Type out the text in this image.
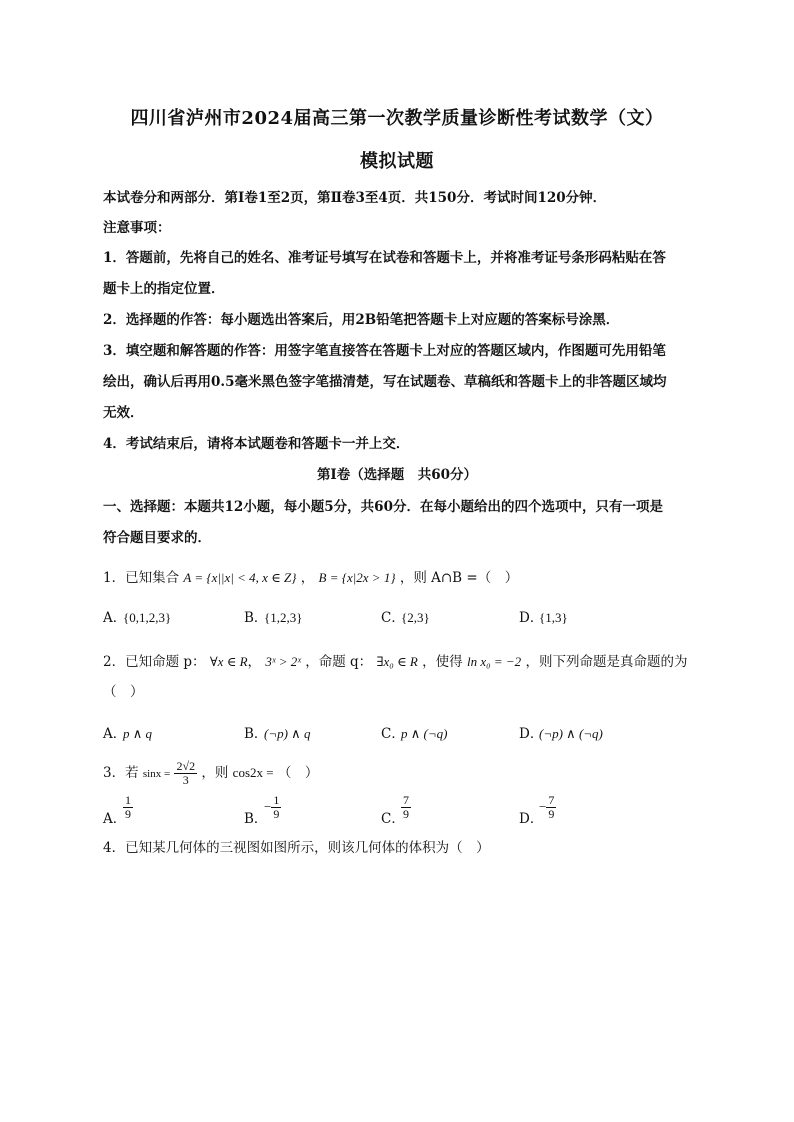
四川省泸州市2024届高三第一次教学质量诊断性考试数学（文）
模拟试题
本试卷分和两部分．第Ⅰ卷1至2页，第Ⅱ卷3至4页．共150分．考试时间120分钟．
注意事项：
1．答题前，先将自己的姓名、准考证号填写在试卷和答题卡上，并将准考证号条形码粘贴在答
题卡上的指定位置．
2．选择题的作答：每小题选出答案后，用2B铅笔把答题卡上对应题的答案标号涂黑．
3．填空题和解答题的作答：用签字笔直接答在答题卡上对应的答题区域内，作图题可先用铅笔
绘出，确认后再用0.5毫米黑色签字笔描清楚，写在试题卷、草稿纸和答题卡上的非答题区域均
无效．
4．考试结束后，请将本试题卷和答题卡一并上交．
第Ⅰ卷（选择题　共60分）
一、选择题：本题共12小题，每小题5分，共60分．在每小题给出的四个选项中，只有一项是
符合题目要求的．
1．已知集合 A = {x||x| < 4, x ∈ Z} ， B = {x|2x > 1} ，则 A∩B =（　）
A．{0,1,2,3}	B．{1,2,3}	C．{2,3}	D．{1,3}
2．已知命题 p： ∀x ∈ R， 3ˣ > 2ˣ ，命题 q： ∃x₀ ∈ R ，使得 ln x₀ = −2 ，则下列命题是真命题的为
（　）
A．p ∧ q	B．(¬p) ∧ q	C．p ∧ (¬q)	D．(¬p) ∧ (¬q)
3．若 $\sin x = \frac{2√2}{3}$ ，则 cos2x = （　）
A．
$\frac{1}{9}$	B．− $\frac{1}{9}$	C．
$\frac{7}{9}$	D．− $\frac{7}{9}$
4．已知某几何体的三视图如图所示，则该几何体的体积为（　）
